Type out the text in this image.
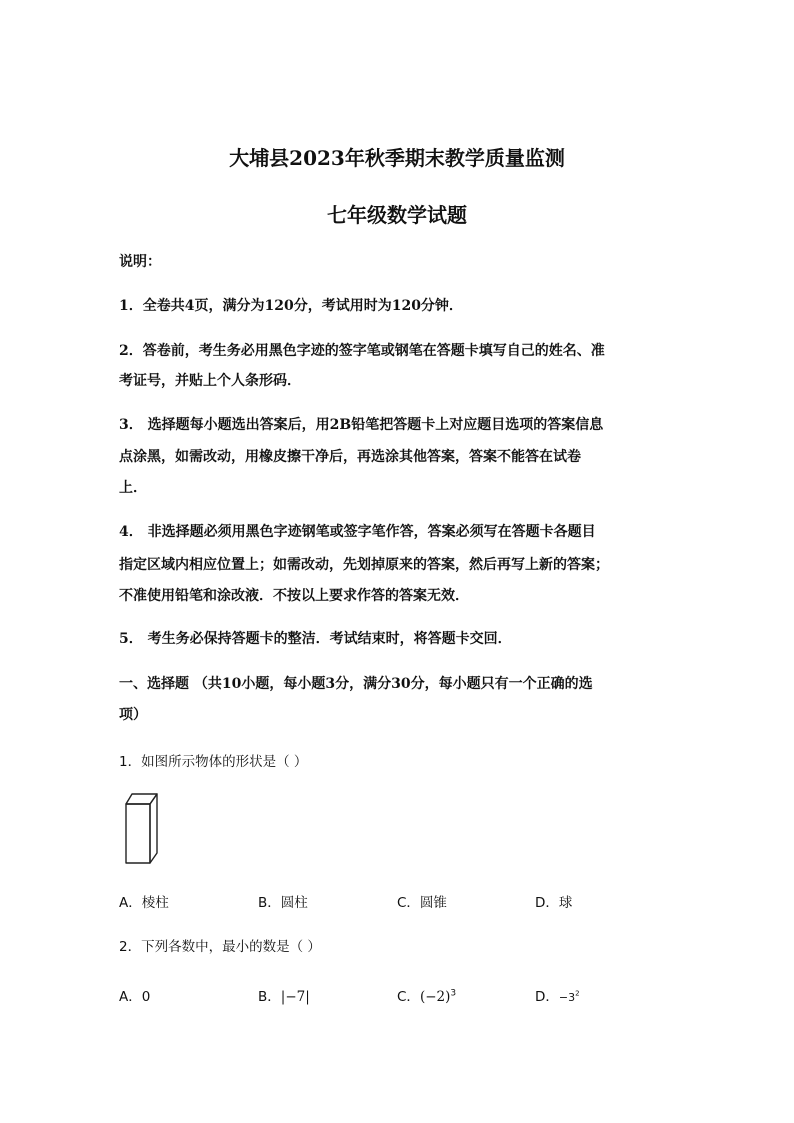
大埔县2023年秋季期末教学质量监测
七年级数学试题
说明：
1．全卷共4页，满分为120分，考试用时为120分钟．
2．答卷前，考生务必用黑色字迹的签字笔或钢笔在答题卡填写自己的姓名、准
考证号，并贴上个人条形码．
3． 选择题每小题选出答案后，用2B铅笔把答题卡上对应题目选项的答案信息
点涂黑，如需改动，用橡皮擦干净后，再选涂其他答案，答案不能答在试卷
上．
4． 非选择题必须用黑色字迹钢笔或签字笔作答，答案必须写在答题卡各题目
指定区域内相应位置上；如需改动，先划掉原来的答案，然后再写上新的答案；
不准使用铅笔和涂改液．不按以上要求作答的答案无效．
5． 考生务必保持答题卡的整洁．考试结束时，将答题卡交回．
一、选择题 （共10小题，每小题3分，满分30分，每小题只有一个正确的选
项）
1．如图所示物体的形状是（ ）
A．棱柱	B．圆柱	C．圆锥	D．球
2．下列各数中，最小的数是（ ）
A．0	B．|−7|	C．$(-2)^3$	D．$-3^2$
